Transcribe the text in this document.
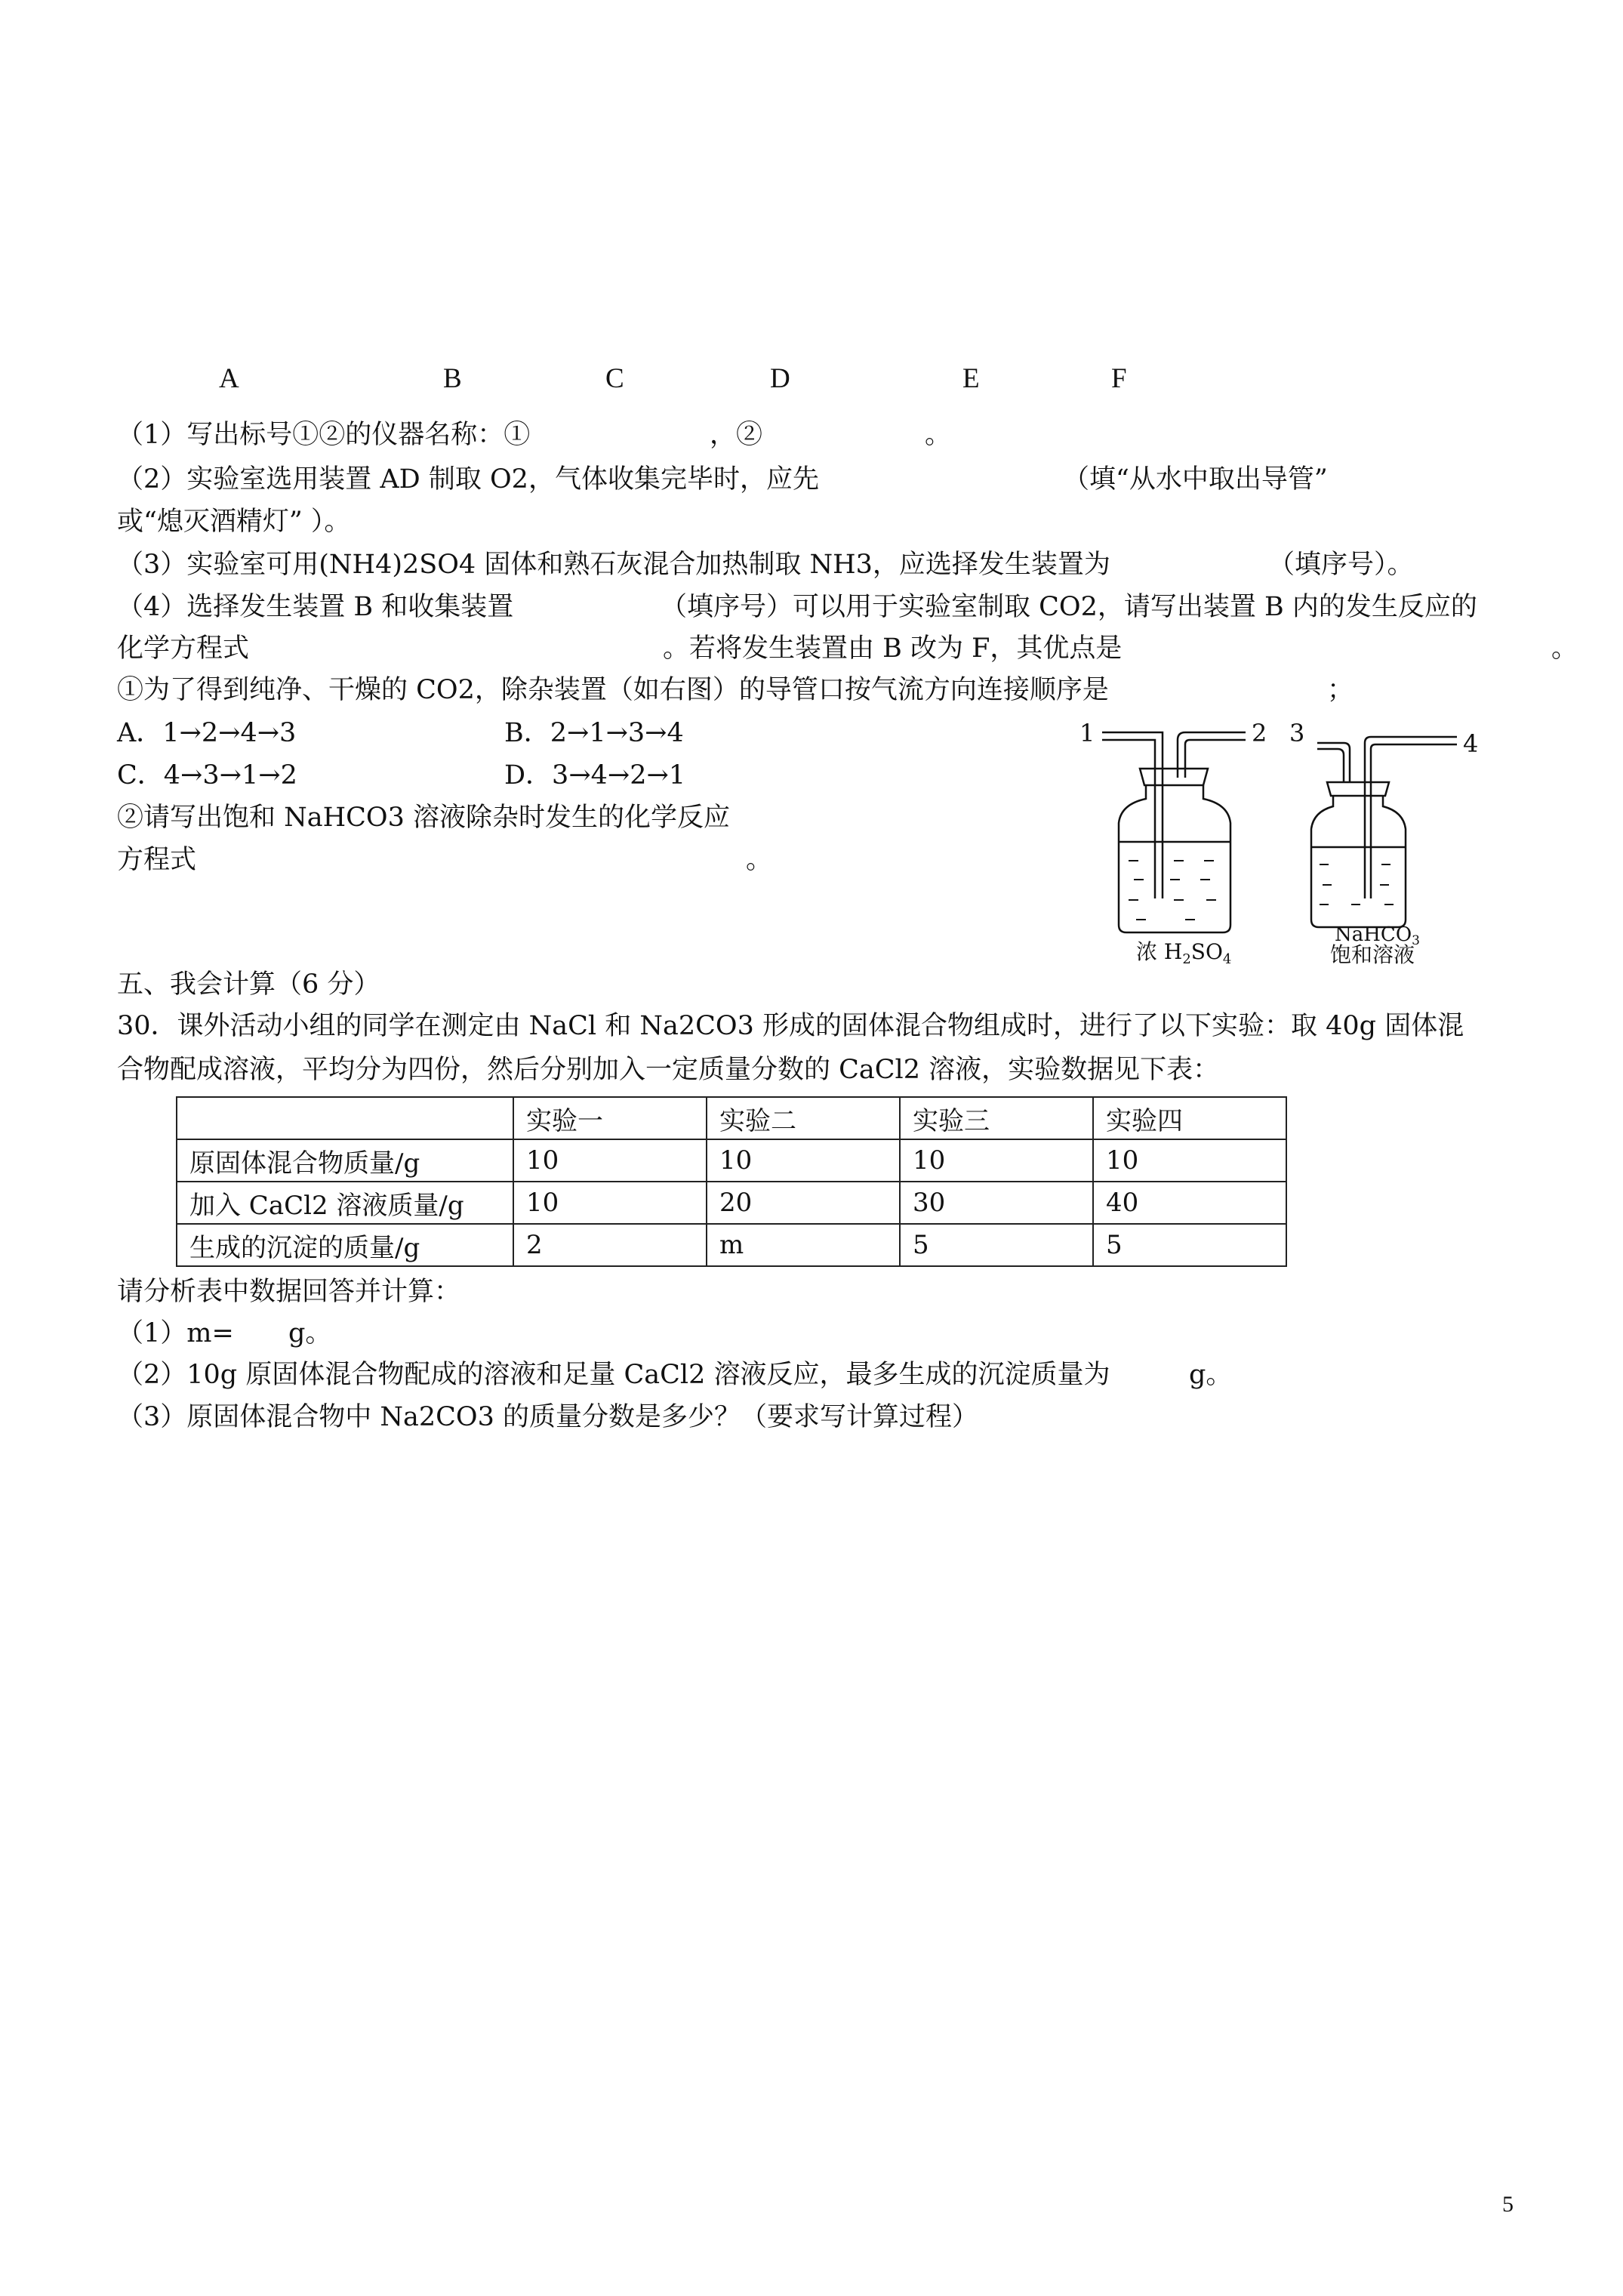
A	B	C	D	E	F
（1）写出标号①②的仪器名称：①	，②	。
（2）实验室选用装置 AD 制取 O2，气体收集完毕时，应先	（填“从水中取出导管”
或“熄灭酒精灯” ）。
（3）实验室可用(NH4)2SO4 固体和熟石灰混合加热制取 NH3，应选择发生装置为	（填序号）。
（4）选择发生装置 B 和收集装置	（填序号）可以用于实验室制取 CO2，请写出装置 B 内的发生反应的
化学方程式	。若将发生装置由 B 改为 F，其优点是	。
①为了得到纯净、干燥的 CO2，除杂装置（如右图）的导管口按气流方向连接顺序是	；
A．1→2→4→3	B．2→1→3→4
C．4→3→1→2	D．3→4→2→1
②请写出饱和 NaHCO3 溶液除杂时发生的化学反应
方程式	。
1	2 3	4
浓 $H_2SO_4$
NaHCO3
饱和溶液
五、我会计算（6 分）
30．课外活动小组的同学在测定由 NaCl 和 Na2CO3 形成的固体混合物组成时，进行了以下实验：取 40g 固体混
合物配成溶液，平均分为四份，然后分别加入一定质量分数的 CaCl2 溶液，实验数据见下表：
	实验一	实验二	实验三	实验四
原固体混合物质量/g	10	10	10	10
加入 CaCl2 溶液质量/g	10	20	30	40
生成的沉淀的质量/g	2	m	5	5
请分析表中数据回答并计算：
（1）m= g。
（2）10g 原固体混合物配成的溶液和足量 CaCl2 溶液反应，最多生成的沉淀质量为	g。
（3）原固体混合物中 Na2CO3 的质量分数是多少？（要求写计算过程）
5
